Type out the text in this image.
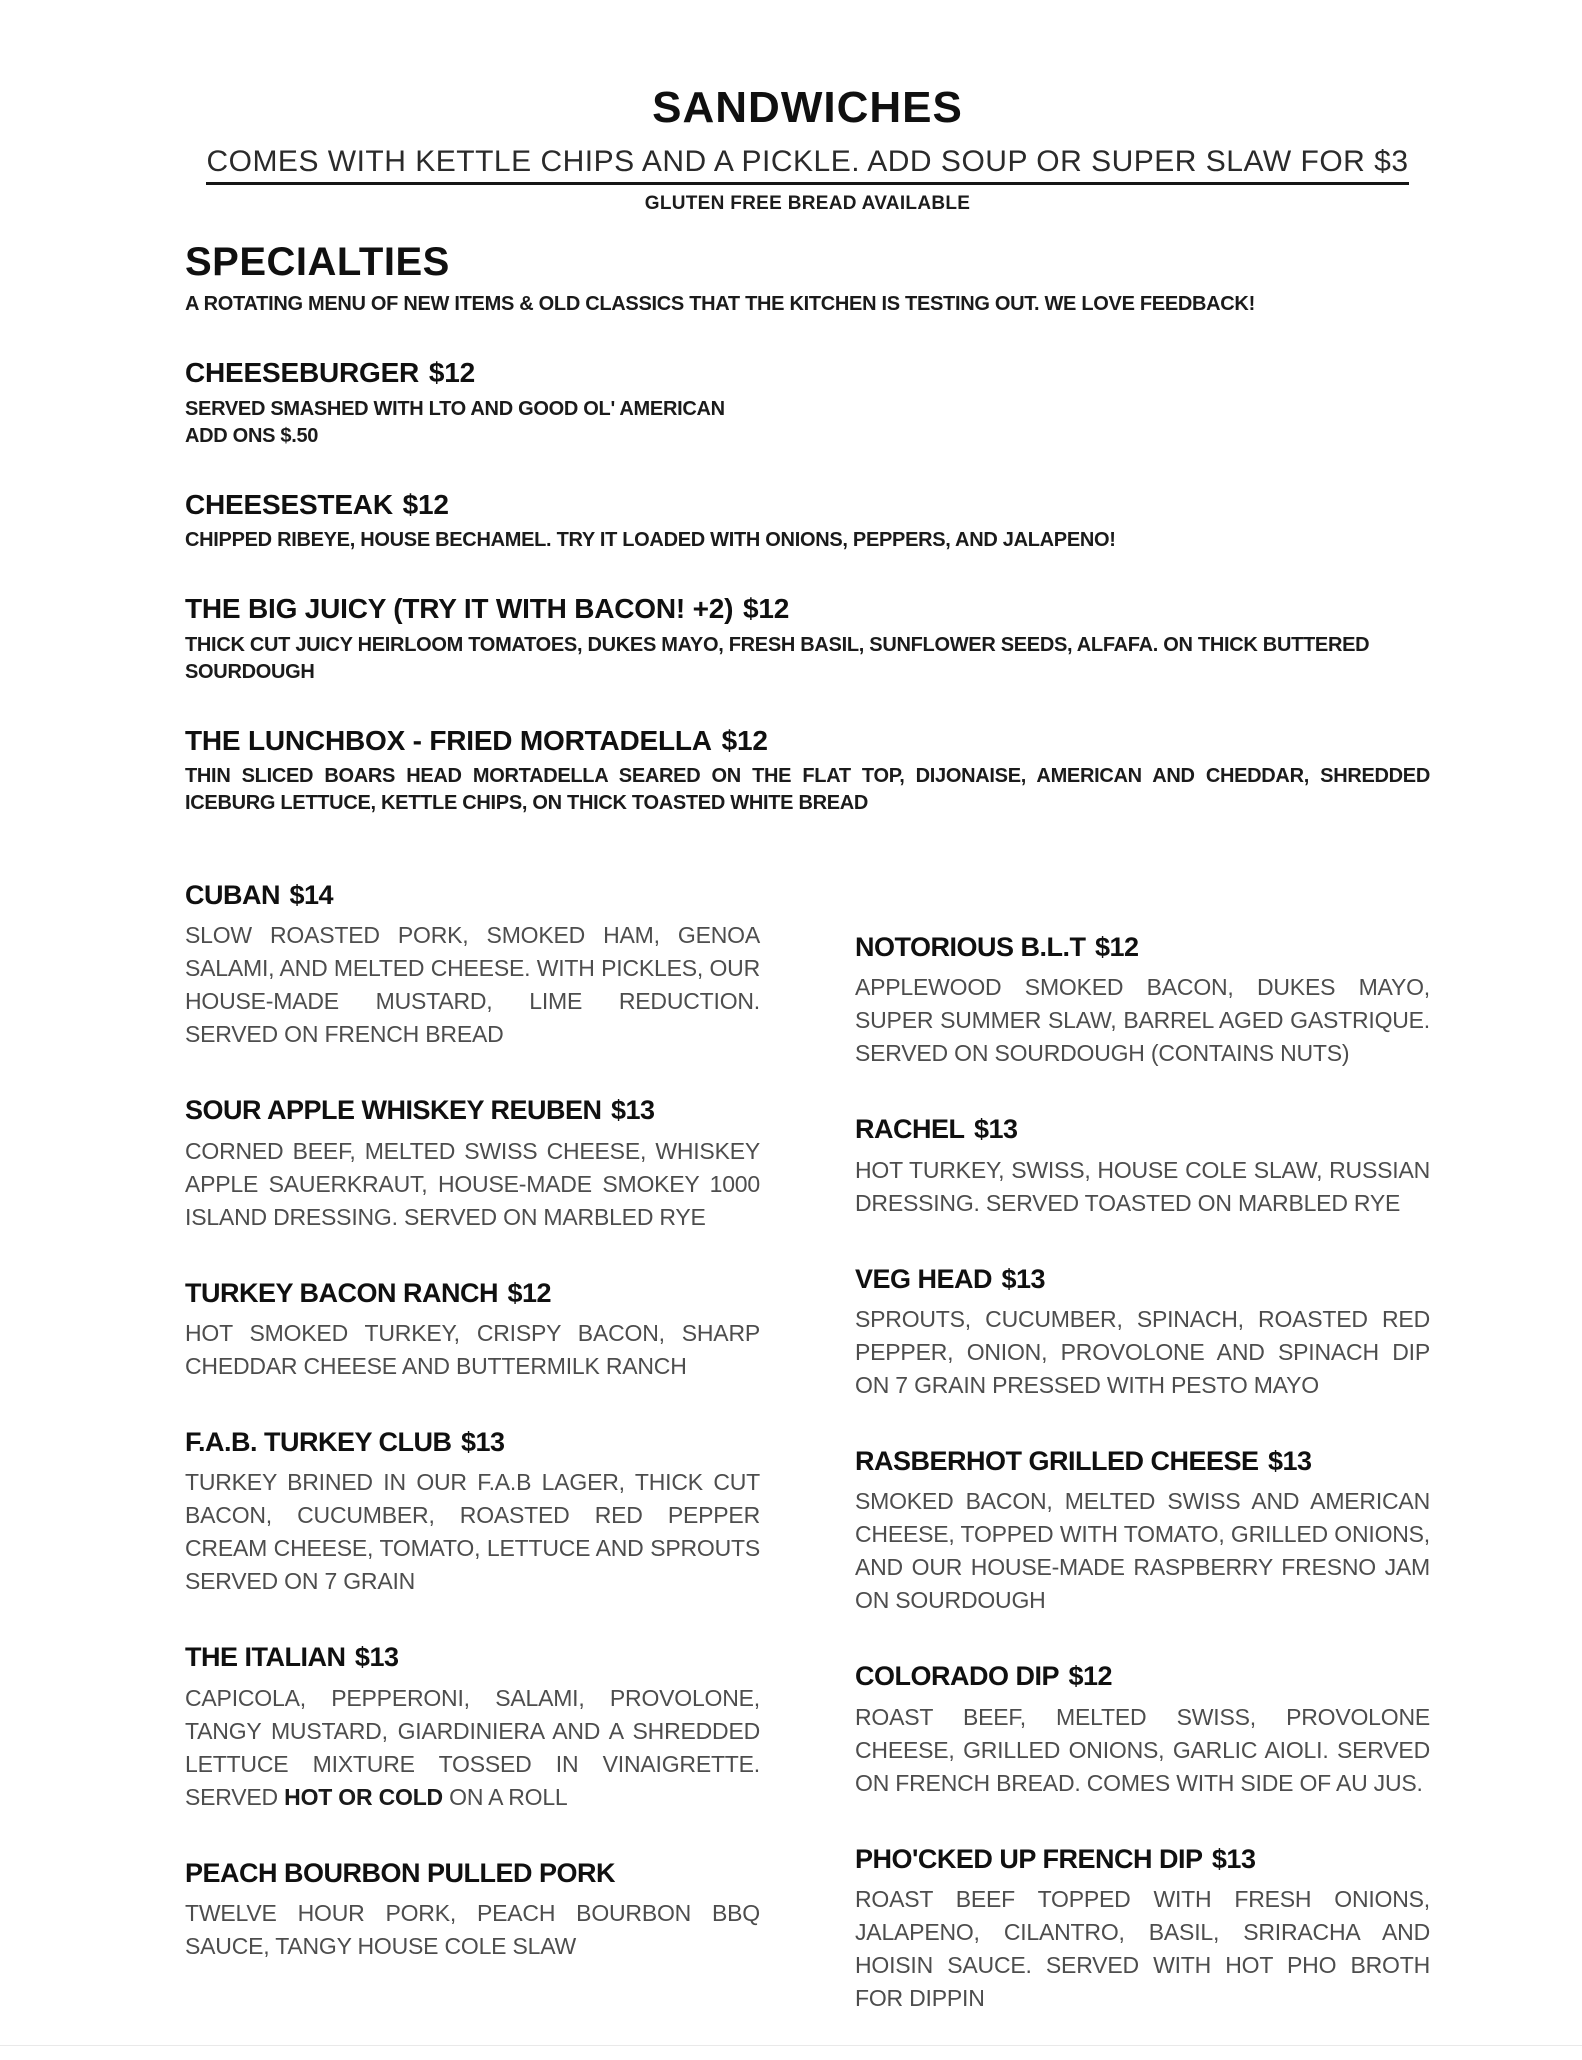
SANDWICHES
COMES WITH KETTLE CHIPS AND A PICKLE. ADD SOUP OR SUPER SLAW FOR $3
GLUTEN FREE BREAD AVAILABLE
SPECIALTIES

A ROTATING MENU OF NEW ITEMS & OLD CLASSICS THAT THE KITCHEN IS TESTING OUT. WE LOVE FEEDBACK!

CHEESEBURGER $12

SERVED SMASHED WITH LTO AND GOOD OL' AMERICAN

ADD ONS $.50

CHEESESTEAK $12

CHIPPED RIBEYE, HOUSE BECHAMEL. TRY IT LOADED WITH ONIONS, PEPPERS, AND JALAPENO!

THE BIG JUICY (TRY IT WITH BACON! +2) $12

THICK CUT JUICY HEIRLOOM TOMATOES, DUKES MAYO, FRESH BASIL, SUNFLOWER SEEDS, ALFAFA. ON THICK BUTTERED SOURDOUGH

THE LUNCHBOX - FRIED MORTADELLA $12

THIN SLICED BOARS HEAD MORTADELLA SEARED ON THE FLAT TOP, DIJONAISE, AMERICAN AND CHEDDAR, SHREDDED ICEBURG LETTUCE, KETTLE CHIPS, ON THICK TOASTED WHITE BREAD

CUBAN $14

SLOW ROASTED PORK, SMOKED HAM, GENOA SALAMI, AND MELTED CHEESE. WITH PICKLES, OUR HOUSE-MADE MUSTARD, LIME REDUCTION. SERVED ON FRENCH BREAD

SOUR APPLE WHISKEY REUBEN $13

CORNED BEEF, MELTED SWISS CHEESE, WHISKEY APPLE SAUERKRAUT, HOUSE-MADE SMOKEY 1000 ISLAND DRESSING. SERVED ON MARBLED RYE

TURKEY BACON RANCH $12

HOT SMOKED TURKEY, CRISPY BACON, SHARP CHEDDAR CHEESE AND BUTTERMILK RANCH

F.A.B. TURKEY CLUB $13

TURKEY BRINED IN OUR F.A.B LAGER, THICK CUT BACON, CUCUMBER, ROASTED RED PEPPER CREAM CHEESE, TOMATO, LETTUCE AND SPROUTS SERVED ON 7 GRAIN

THE ITALIAN $13

CAPICOLA, PEPPERONI, SALAMI, PROVOLONE, TANGY MUSTARD, GIARDINIERA AND A SHREDDED LETTUCE MIXTURE TOSSED IN VINAIGRETTE. SERVED HOT OR COLD ON A ROLL

PEACH BOURBON PULLED PORK

TWELVE HOUR PORK, PEACH BOURBON BBQ SAUCE, TANGY HOUSE COLE SLAW

NOTORIOUS B.L.T $12

APPLEWOOD SMOKED BACON, DUKES MAYO, SUPER SUMMER SLAW, BARREL AGED GASTRIQUE. SERVED ON SOURDOUGH (CONTAINS NUTS)

RACHEL $13

HOT TURKEY, SWISS, HOUSE COLE SLAW, RUSSIAN DRESSING. SERVED TOASTED ON MARBLED RYE

VEG HEAD $13

SPROUTS, CUCUMBER, SPINACH, ROASTED RED PEPPER, ONION, PROVOLONE AND SPINACH DIP ON 7 GRAIN PRESSED WITH PESTO MAYO

RASBERHOT GRILLED CHEESE $13

SMOKED BACON, MELTED SWISS AND AMERICAN CHEESE, TOPPED WITH TOMATO, GRILLED ONIONS, AND OUR HOUSE-MADE RASPBERRY FRESNO JAM ON SOURDOUGH

COLORADO DIP $12

ROAST BEEF, MELTED SWISS, PROVOLONE CHEESE, GRILLED ONIONS, GARLIC AIOLI. SERVED ON FRENCH BREAD. COMES WITH SIDE OF AU JUS.

PHO'CKED UP FRENCH DIP $13

ROAST BEEF TOPPED WITH FRESH ONIONS, JALAPENO, CILANTRO, BASIL, SRIRACHA AND HOISIN SAUCE. SERVED WITH HOT PHO BROTH FOR DIPPIN
